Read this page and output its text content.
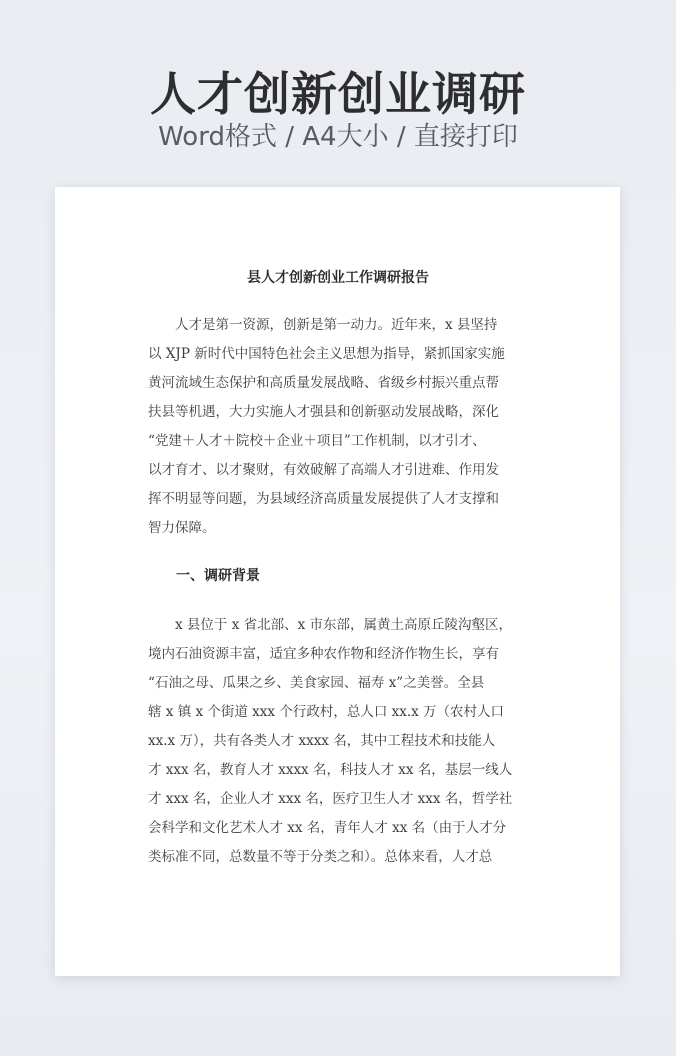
人才创新创业调研
Word格式 / A4大小 / 直接打印
县人才创新创业工作调研报告
　　人才是第一资源，创新是第一动力。近年来，x 县坚持
以 XJP 新时代中国特色社会主义思想为指导，紧抓国家实施
黄河流域生态保护和高质量发展战略、省级乡村振兴重点帮
扶县等机遇，大力实施人才强县和创新驱动发展战略，深化
“党建＋人才＋院校＋企业＋项目”工作机制，以才引才、
以才育才、以才聚财，有效破解了高端人才引进难、作用发
挥不明显等问题，为县域经济高质量发展提供了人才支撑和
智力保障。
一、调研背景
　　x 县位于 x 省北部、x 市东部，属黄土高原丘陵沟壑区，
境内石油资源丰富，适宜多种农作物和经济作物生长，享有
“石油之母、瓜果之乡、美食家园、福寿 x”之美誉。全县
辖 x 镇 x 个街道 xxx 个行政村，总人口 xx.x 万（农村人口
xx.x 万），共有各类人才 xxxx 名，其中工程技术和技能人
才 xxx 名，教育人才 xxxx 名，科技人才 xx 名，基层一线人
才 xxx 名，企业人才 xxx 名，医疗卫生人才 xxx 名，哲学社
会科学和文化艺术人才 xx 名，青年人才 xx 名（由于人才分
类标准不同，总数量不等于分类之和）。总体来看，人才总
